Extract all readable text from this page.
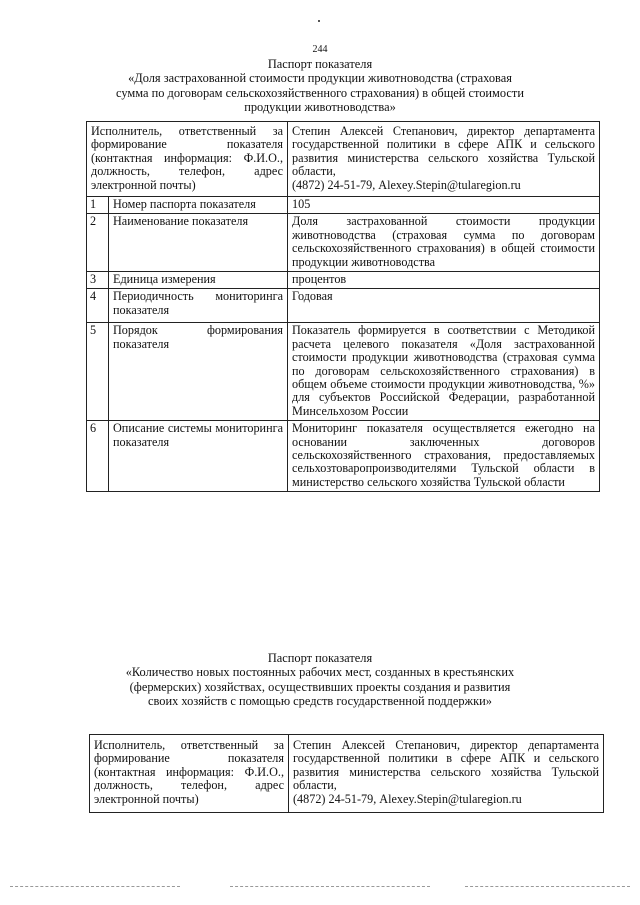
244
Паспорт показателя
«Доля застрахованной стоимости продукции животноводства (страховая
сумма по договорам сельскохозяйственного страхования) в общей стоимости
продукции животноводства»
Исполнитель, ответственный за формирование показателя (контактная информация: Ф.И.О., должность, телефон, адрес электронной почты)		Степин Алексей Степанович, директор департамента государственной политики в сфере АПК и сельского развития министерства сельского хозяйства Тульской области,
(4872) 24-51-79, Alexey.Stepin@tularegion.ru
1	Номер паспорта показателя	105
2	Наименование показателя	Доля застрахованной стоимости продукции животноводства (страховая сумма по договорам сельскохозяйственного страхования) в общей стоимости продукции животноводства
3	Единица измерения	процентов
4	Периодичность мониторинга показателя	Годовая
5	Порядок формирования показателя	Показатель формируется в соответствии с Методикой расчета целевого показателя «Доля застрахованной стоимости продукции животноводства (страховая сумма по договорам сельскохозяйственного страхования) в общем объеме стоимости продукции животноводства, %» для субъектов Российской Федерации, разработанной Минсельхозом России
6	Описание системы мониторинга показателя	Мониторинг показателя осуществляется ежегодно на основании заключенных договоров сельскохозяйственного страхования, предоставляемых сельхозтоваропроизводителями Тульской области в министерство сельского хозяйства Тульской области
Паспорт показателя
«Количество новых постоянных рабочих мест, созданных в крестьянских
(фермерских) хозяйствах, осуществивших проекты создания и развития
своих хозяйств с помощью средств государственной поддержки»
Исполнитель, ответственный за формирование показателя (контактная информация: Ф.И.О., должность, телефон, адрес электронной почты)	Степин Алексей Степанович, директор департамента государственной политики в сфере АПК и сельского развития министерства сельского хозяйства Тульской области,
(4872) 24-51-79, Alexey.Stepin@tularegion.ru
